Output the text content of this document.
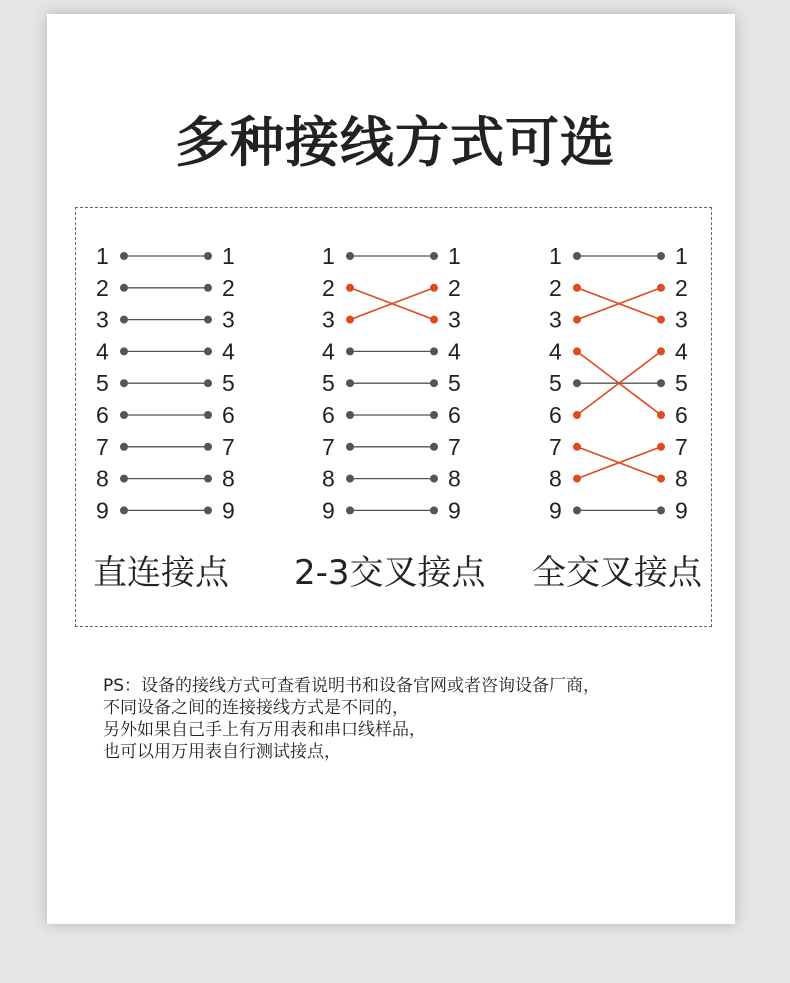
多种接线方式可选
1	1
2	2
3	3
4	4
5	5
6	6
7	7
8	8
9	9
1	1
2	2
3	3
4	4
5	5
6	6
7	7
8	8
9	9
1	1
2	2
3	3
4	4
5	5
6	6
7	7
8	8
9	9
直连接点 2-3交叉接点 全交叉接点
PS：设备的接线方式可查看说明书和设备官网或者咨询设备厂商，
不同设备之间的连接接线方式是不同的，
另外如果自己手上有万用表和串口线样品，
也可以用万用表自行测试接点，
